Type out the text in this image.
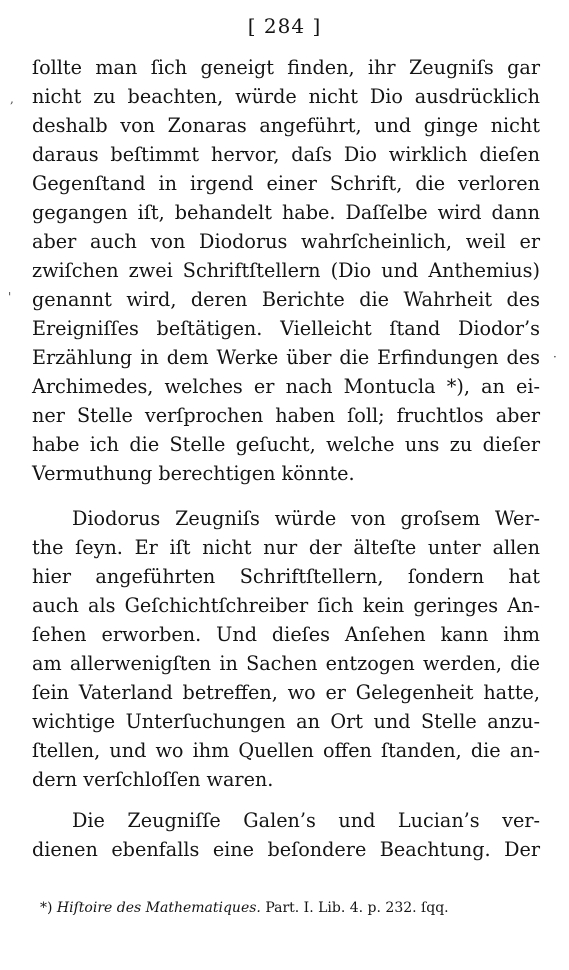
[ 284 ]
ſollte man ſich geneigt finden, ihr Zeugniſs gar
nicht zu beachten, würde nicht Dio ausdrücklich
deshalb von Zonaras angeführt, und ginge nicht
daraus beſtimmt hervor, daſs Dio wirklich dieſen
Gegenſtand in irgend einer Schrift, die verloren
gegangen iſt, behandelt habe. Daſſelbe wird dann
aber auch von Diodorus wahrſcheinlich, weil er
zwiſchen zwei Schriftſtellern (Dio und Anthemius)
genannt wird, deren Berichte die Wahrheit des
Ereigniſſes beſtätigen. Vielleicht ſtand Diodor’s
Erzählung in dem Werke über die Erfindungen des
Archimedes, welches er nach Montucla *), an ei-
ner Stelle verſprochen haben ſoll; fruchtlos aber
habe ich die Stelle geſucht, welche uns zu dieſer
Vermuthung berechtigen könnte.
Diodorus Zeugniſs würde von groſsem Wer-
the ſeyn. Er iſt nicht nur der älteſte unter allen
hier angeführten Schriftſtellern, ſondern hat
auch als Geſchichtſchreiber ſich kein geringes An-
ſehen erworben. Und dieſes Anſehen kann ihm
am allerwenigſten in Sachen entzogen werden, die
ſein Vaterland betreffen, wo er Gelegenheit hatte,
wichtige Unterſuchungen an Ort und Stelle anzu-
ſtellen, und wo ihm Quellen offen ſtanden, die an-
dern verſchloſſen waren.
Die Zeugniſſe Galen’s und Lucian’s ver-
dienen ebenfalls eine beſondere Beachtung. Der
*) Hiſtoire des Mathematiques. Part. I. Lib. 4. p. 232. ſqq.
,
'
·
